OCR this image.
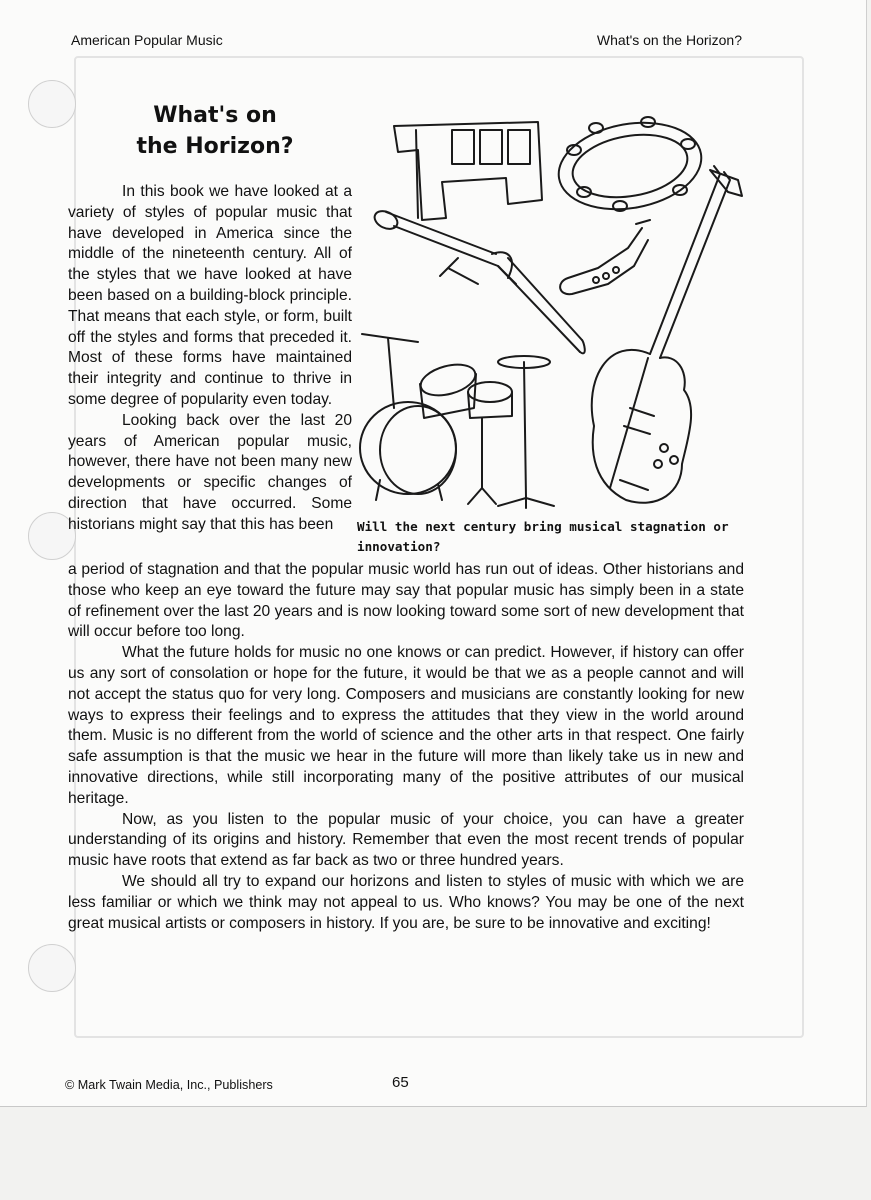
American Popular Music	What's on the Horizon?
What's on
the Horizon?

In this book we have looked at a variety of styles of popular music that have developed in America since the middle of the nineteenth century. All of the styles that we have looked at have been based on a building-block principle. That means that each style, or form, built off the styles and forms that preceded it. Most of these forms have maintained their integrity and continue to thrive in some degree of popularity even today.

Looking back over the last 20 years of American popular music, however, there have not been many new developments or specific changes of direction that have occurred. Some historians might say that this has been	Will the next century bring musical stagnation or innovation?

a period of stagnation and that the popular music world has run out of ideas. Other historians and those who keep an eye toward the future may say that popular music has simply been in a state of refinement over the last 20 years and is now looking toward some sort of new development that will occur before too long.

What the future holds for music no one knows or can predict. However, if history can offer us any sort of consolation or hope for the future, it would be that we as a people cannot and will not accept the status quo for very long. Composers and musicians are constantly looking for new ways to express their feelings and to express the attitudes that they view in the world around them. Music is no different from the world of science and the other arts in that respect. One fairly safe assumption is that the music we hear in the future will more than likely take us in new and innovative directions, while still incorporating many of the positive attributes of our musical heritage.

Now, as you listen to the popular music of your choice, you can have a greater understanding of its origins and history. Remember that even the most recent trends of popular music have roots that extend as far back as two or three hundred years.

We should all try to expand our horizons and listen to styles of music with which we are less familiar or which we think may not appeal to us. Who knows? You may be one of the next great musical artists or composers in history. If you are, be sure to be innovative and exciting!

© Mark Twain Media, Inc., Publishers	65
